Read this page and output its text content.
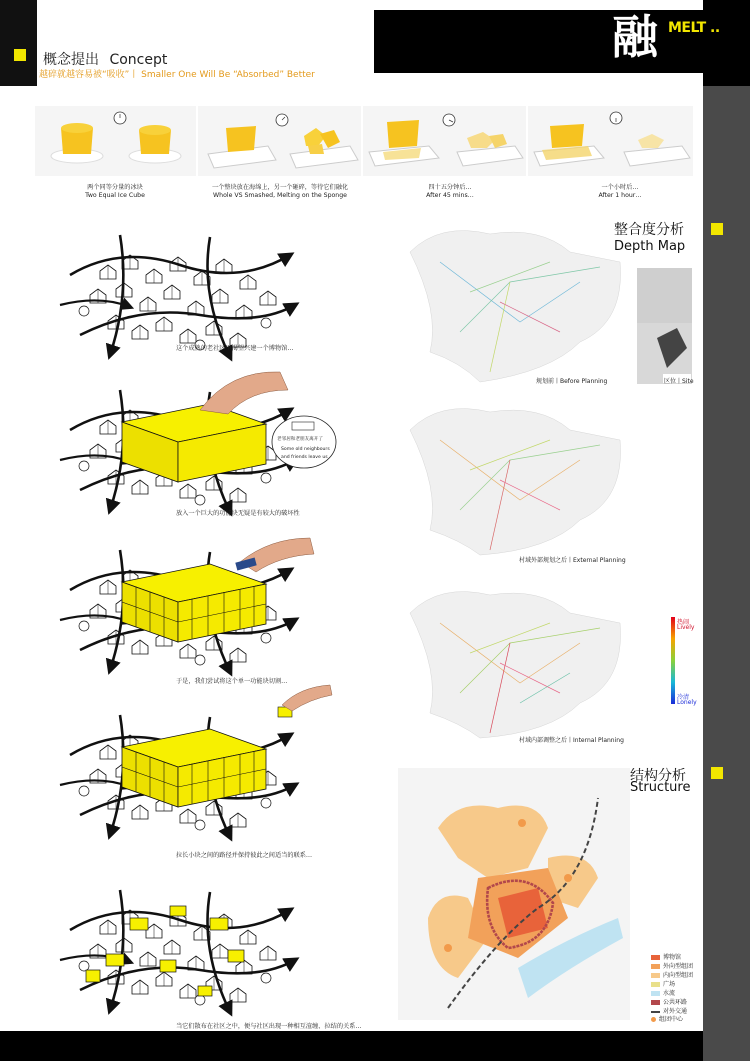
融 MELT ..
概念提出 Concept
越碎就越容易被“吸收”丨 Smaller One Will Be “Absorbed” Better
两个同等分量的冰块
Two Equal Ice Cube
一个整块放在海绵上，另一个砸碎，等待它们融化
Whole VS Smashed, Melting on the Sponge
四十五分钟后…
After 45 mins…
一个小时后…
After 1 hour…
老邻居和老朋友离开了
Some old neighbours
and friends leave us
这个成熟的老社区里渴望兴建一个博物馆…
放入一个巨大的功能块无疑是有较大的破坏性
于是，我们尝试将这个单一功能块切割…
拉长小块之间的路径并保持彼此之间适当的联系…
当它们散布在社区之中，便与社区出现一种相互渲缠、拉结的关系…
整合度分析
Depth Map
区位丨Site
规划前丨Before Planning
村域外部规划之后丨External Planning
村域内部调整之后丨Internal Planning
热闹
Lively
冷清
Lonely
结构分析
Structure
博物馆
外向型组团
内向型组团
广场
水流
公共环路
对外交通
组团中心
